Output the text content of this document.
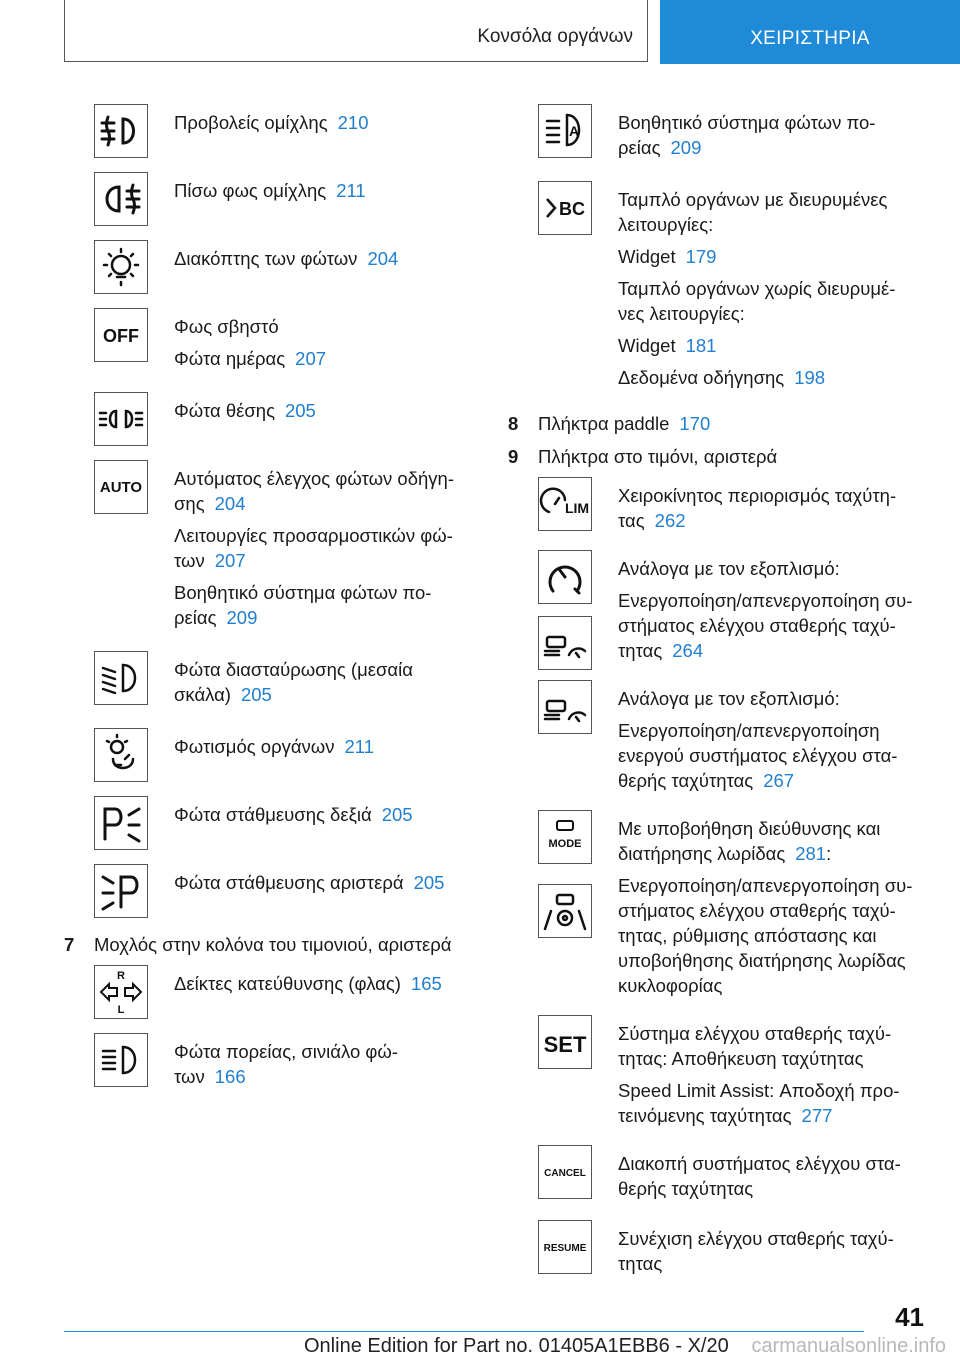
Κονσόλα οργάνων	ΧΕΙΡΙΣΤΗΡΙΑ

Προβολείς ομίχλης 210

Πίσω φως ομίχλης 211

Διακόπτης των φώτων 204

OFF Φως σβηστό

Φώτα ημέρας 207

Φώτα θέσης 205

AUTO Αυτόματος έλεγχος φώτων οδήγη-
σης 204

Λειτουργίες προσαρμοστικών φώ-
των 207

Βοηθητικό σύστημα φώτων πο-
ρείας 209

Φώτα διασταύρωσης (μεσαία
σκάλα) 205

Φωτισμός οργάνων 211

Φώτα στάθμευσης δεξιά 205

Φώτα στάθμευσης αριστερά 205

7	Μοχλός στην κολόνα του τιμονιού, αριστερά
R
L

Δείκτες κατεύθυνσης (φλας) 165

Φώτα πορείας, σινιάλο φώ-
των 166

A Βοηθητικό σύστημα φώτων πο-
ρείας 209

BC Ταμπλό οργάνων με διευρυμένες
λειτουργίες:

Widget 179

Ταμπλό οργάνων χωρίς διευρυμέ-
νες λειτουργίες:

Widget 181

Δεδομένα οδήγησης 198

8	Πλήκτρα paddle 170
9	Πλήκτρα στο τιμόνι, αριστερά
LIM

Χειροκίνητος περιορισμός ταχύτη-
τας 262

Ανάλογα με τον εξοπλισμό:

Ενεργοποίηση/απενεργοποίηση συ-
στήματος ελέγχου σταθερής ταχύ-
τητας 264

Ανάλογα με τον εξοπλισμό:

Ενεργοποίηση/απενεργοποίηση
ενεργού συστήματος ελέγχου στα-
θερής ταχύτητας 267

MODE

Με υποβοήθηση διεύθυνσης και
διατήρησης λωρίδας 281:

Ενεργοποίηση/απενεργοποίηση συ-
στήματος ελέγχου σταθερής ταχύ-
τητας, ρύθμισης απόστασης και
υποβοήθησης διατήρησης λωρίδας
κυκλοφορίας

SET Σύστημα ελέγχου σταθερής ταχύ-
τητας: Αποθήκευση ταχύτητας

Speed Limit Assist: Αποδοχή προ-
τεινόμενης ταχύτητας 277

CANCEL Διακοπή συστήματος ελέγχου στα-
θερής ταχύτητας

RESUME Συνέχιση ελέγχου σταθερής ταχύ-
τητας

41
Online Edition for Part no. 01405A1EBB6 - X/20 carmanualsonline.info
